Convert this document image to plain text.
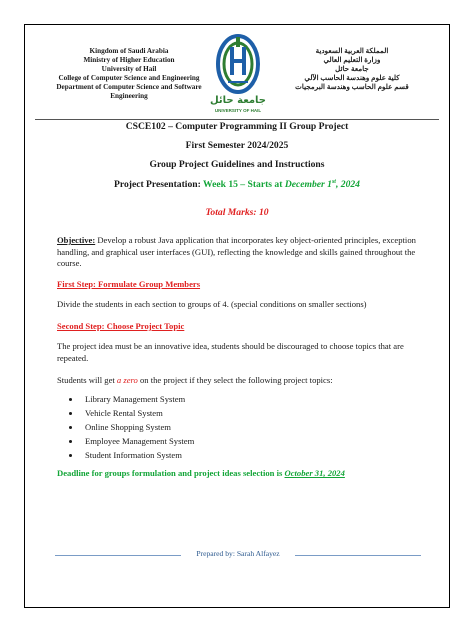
Kingdom of Saudi Arabia
Ministry of Higher Education
University of Hail
College of Computer Science and Engineering
Department of Computer Science and Software
Engineering	جامعة حائل
UNIVERSITY OF HAIL
المملكة العربية السعودية
وزارة التعليم العالي
جامعة حائل
كلية علوم وهندسة الحاسب الآلي
قسم علوم الحاسب وهندسة البرمجيات
CSCE102 – Computer Programming II Group Project
First Semester 2024/2025
Group Project Guidelines and Instructions
Project Presentation: Week 15 – Starts at December 1st, 2024
Total Marks: 10

Objective: Develop a robust Java application that incorporates key object-oriented principles, exception handling, and graphical user interfaces (GUI), reflecting the knowledge and skills gained throughout the course.

First Step: Formulate Group Members
Divide the students in each section to groups of 4. (special conditions on smaller sections)
Second Step: Choose Project Topic
The project idea must be an innovative idea, students should be discouraged to choose topics that are repeated.
Students will get a zero on the project if they select the following project topics:
• Library Management System
• Vehicle Rental System
• Online Shopping System
• Employee Management System
• Student Information System
Deadline for groups formulation and project ideas selection is October 31, 2024
Prepared by: Sarah Alfayez
